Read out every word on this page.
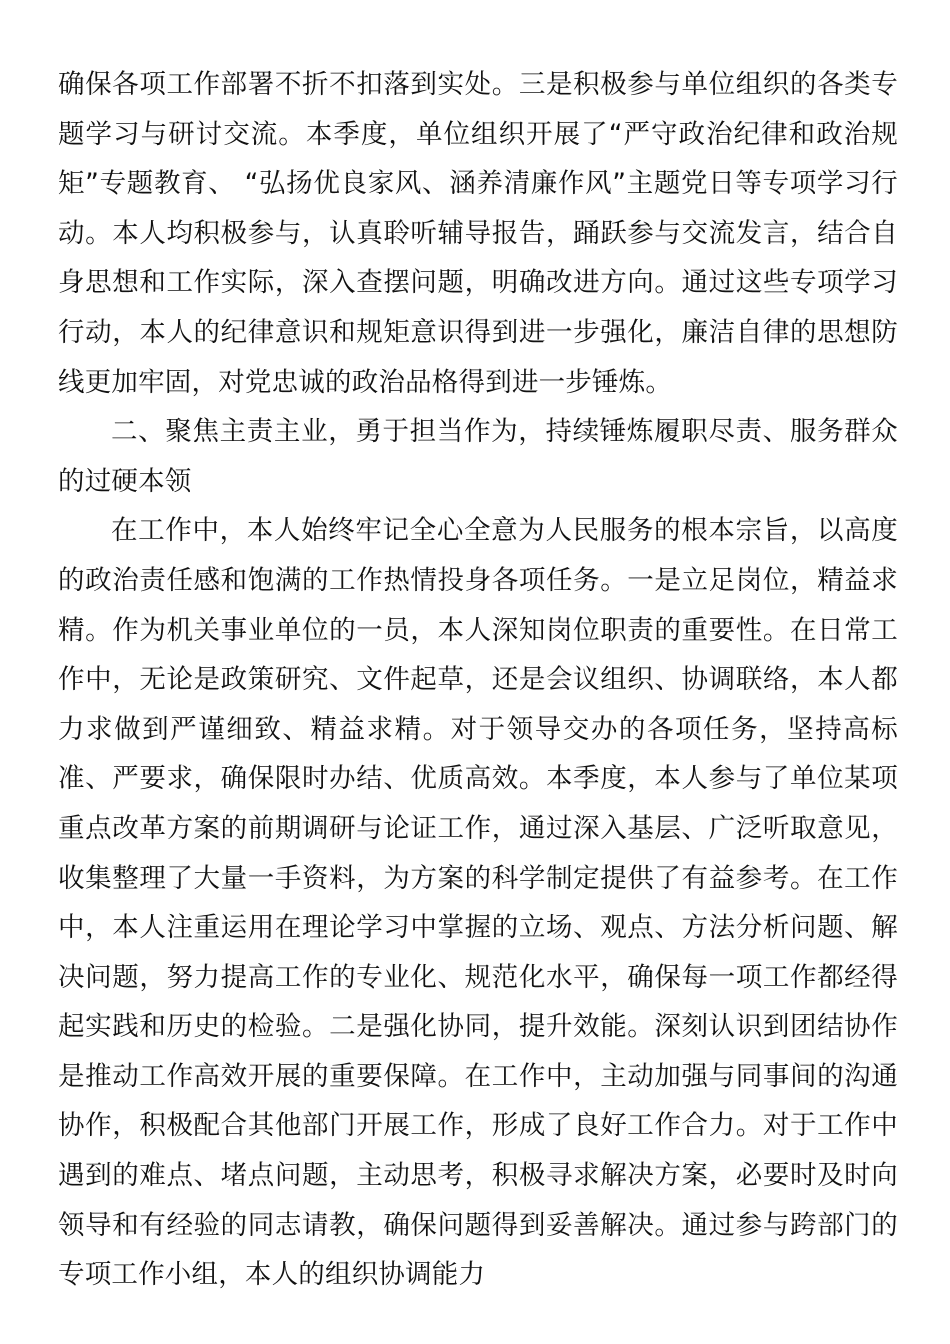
确保各项工作部署不折不扣落到实处。三是积极参与单位组织的各类专题学习与研讨交流。本季度，单位组织开展了“严守政治纪律和政治规矩”专题教育、 “弘扬优良家风、涵养清廉作风”主题党日等专项学习行动。本人均积极参与，认真聆听辅导报告，踊跃参与交流发言，结合自身思想和工作实际，深入查摆问题，明确改进方向。通过这些专项学习行动，本人的纪律意识和规矩意识得到进一步强化，廉洁自律的思想防线更加牢固，对党忠诚的政治品格得到进一步锤炼。

二、聚焦主责主业，勇于担当作为，持续锤炼履职尽责、服务群众的过硬本领

在工作中，本人始终牢记全心全意为人民服务的根本宗旨，以高度的政治责任感和饱满的工作热情投身各项任务。一是立足岗位，精益求精。作为机关事业单位的一员，本人深知岗位职责的重要性。在日常工作中，无论是政策研究、文件起草，还是会议组织、协调联络，本人都力求做到严谨细致、精益求精。对于领导交办的各项任务，坚持高标准、严要求，确保限时办结、优质高效。本季度，本人参与了单位某项重点改革方案的前期调研与论证工作，通过深入基层、广泛听取意见，收集整理了大量一手资料，为方案的科学制定提供了有益参考。在工作中，本人注重运用在理论学习中掌握的立场、观点、方法分析问题、解决问题，努力提高工作的专业化、规范化水平，确保每一项工作都经得起实践和历史的检验。二是强化协同，提升效能。深刻认识到团结协作是推动工作高效开展的重要保障。在工作中，主动加强与同事间的沟通协作，积极配合其他部门开展工作，形成了良好工作合力。对于工作中遇到的难点、堵点问题，主动思考，积极寻求解决方案，必要时及时向领导和有经验的同志请教，确保问题得到妥善解决。通过参与跨部门的专项工作小组，本人的组织协调能力
